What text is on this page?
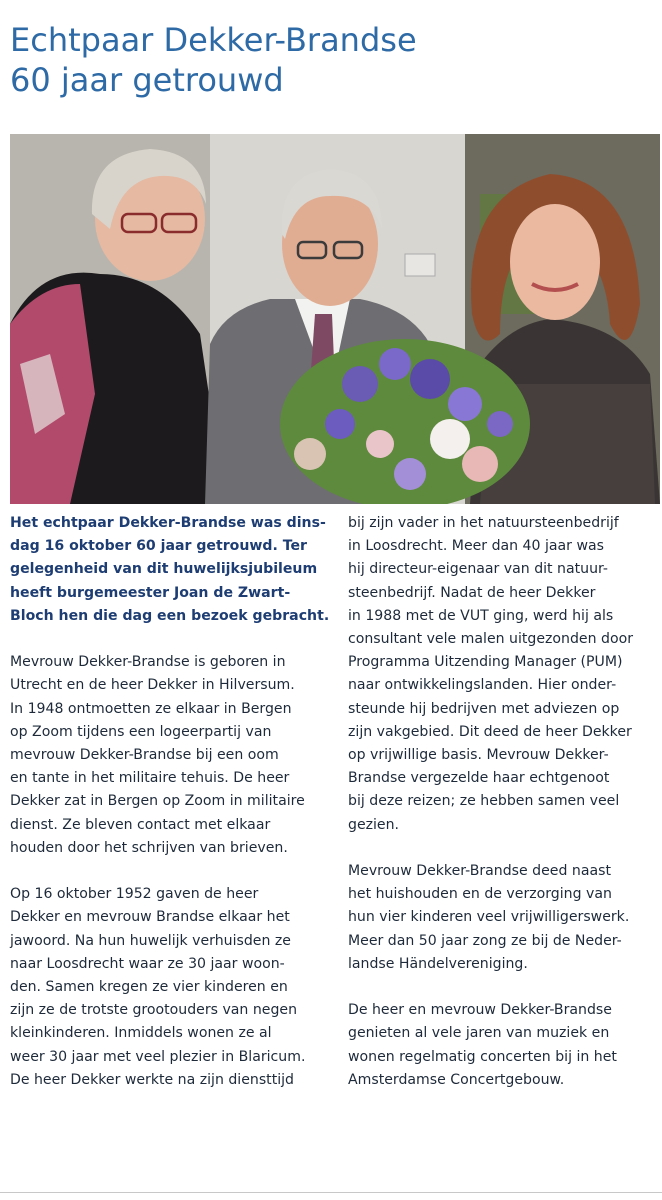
Echtpaar Dekker-Brandse
60 jaar getrouwd
Het echtpaar Dekker-Brandse was dins-
dag 16 oktober 60 jaar getrouwd. Ter
gelegenheid van dit huwelijksjubileum
heeft burgemeester Joan de Zwart-
Bloch hen die dag een bezoek gebracht.
Mevrouw Dekker-Brandse is geboren in
Utrecht en de heer Dekker in Hilversum.
In 1948 ontmoetten ze elkaar in Bergen
op Zoom tijdens een logeerpartij van
mevrouw Dekker-Brandse bij een oom
en tante in het militaire tehuis. De heer
Dekker zat in Bergen op Zoom in militaire
dienst. Ze bleven contact met elkaar
houden door het schrijven van brieven.
Op 16 oktober 1952 gaven de heer
Dekker en mevrouw Brandse elkaar het
jawoord. Na hun huwelijk verhuisden ze
naar Loosdrecht waar ze 30 jaar woon-
den. Samen kregen ze vier kinderen en
zijn ze de trotste grootouders van negen
kleinkinderen. Inmiddels wonen ze al
weer 30 jaar met veel plezier in Blaricum.
De heer Dekker werkte na zijn diensttijd
bij zijn vader in het natuursteenbedrijf
in Loosdrecht. Meer dan 40 jaar was
hij directeur-eigenaar van dit natuur-
steenbedrijf. Nadat de heer Dekker
in 1988 met de VUT ging, werd hij als
consultant vele malen uitgezonden door
Programma Uitzending Manager (PUM)
naar ontwikkelingslanden. Hier onder-
steunde hij bedrijven met adviezen op
zijn vakgebied. Dit deed de heer Dekker
op vrijwillige basis. Mevrouw Dekker-
Brandse vergezelde haar echtgenoot
bij deze reizen; ze hebben samen veel
gezien.
Mevrouw Dekker-Brandse deed naast
het huishouden en de verzorging van
hun vier kinderen veel vrijwilligerswerk.
Meer dan 50 jaar zong ze bij de Neder-
landse Händelvereniging.
De heer en mevrouw Dekker-Brandse
genieten al vele jaren van muziek en
wonen regelmatig concerten bij in het
Amsterdamse Concertgebouw.
